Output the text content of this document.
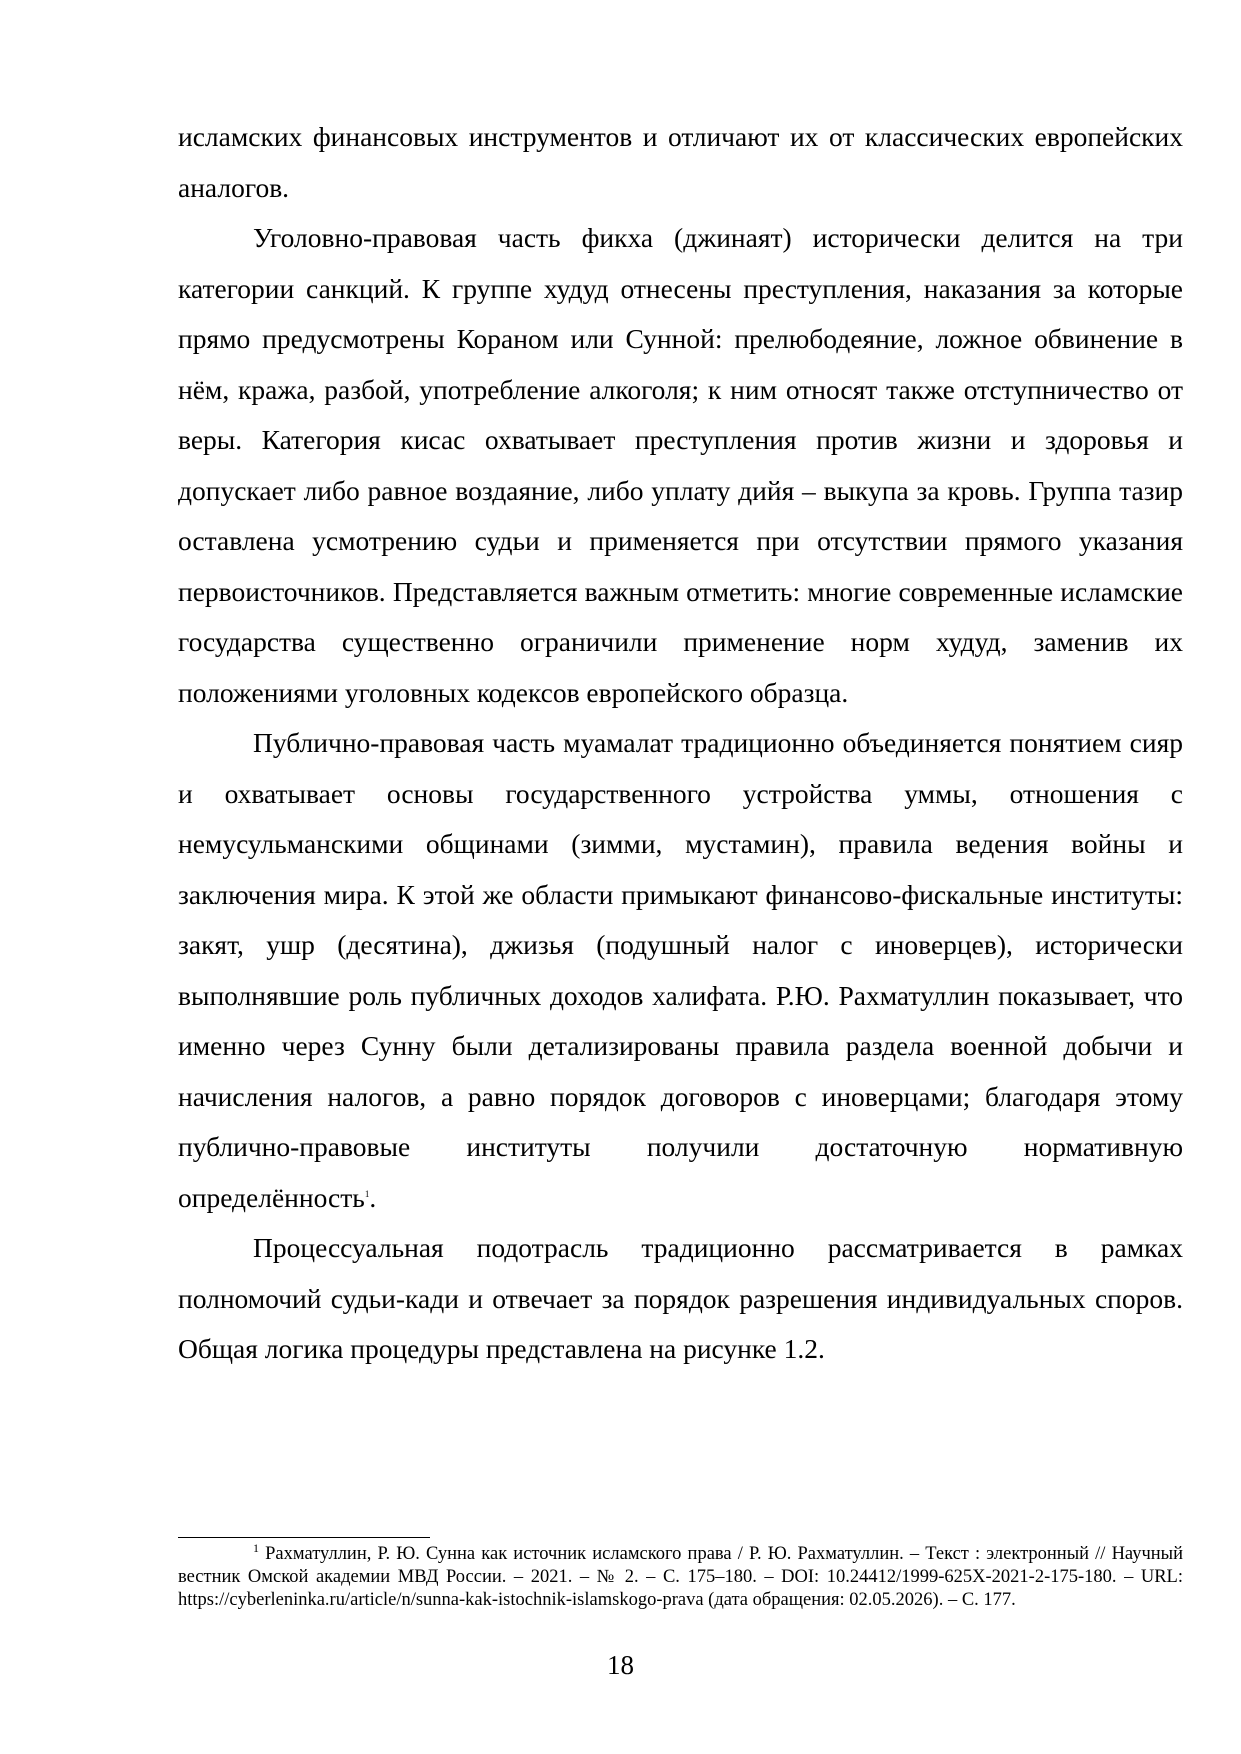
исламских финансовых инструментов и отличают их от классических европейских аналогов.

Уголовно-правовая часть фикха (джинаят) исторически делится на три категории санкций. К группе худуд отнесены преступления, наказания за которые прямо предусмотрены Кораном или Сунной: прелюбодеяние, ложное обвинение в нём, кража, разбой, употребление алкоголя; к ним относят также отступничество от веры. Категория кисас охватывает преступления против жизни и здоровья и допускает либо равное воздаяние, либо уплату дийя – выкупа за кровь. Группа тазир оставлена усмотрению судьи и применяется при отсутствии прямого указания первоисточников. Представляется важным отметить: многие современные исламские государства существенно ограничили применение норм худуд, заменив их положениями уголовных кодексов европейского образца.

Публично-правовая часть муамалат традиционно объединяется понятием сияр и охватывает основы государственного устройства уммы, отношения с немусульманскими общинами (зимми, мустамин), правила ведения войны и заключения мира. К этой же области примыкают финансово-фискальные институты: закят, ушр (десятина), джизья (подушный налог с иноверцев), исторически выполнявшие роль публичных доходов халифата. Р.Ю. Рахматуллин показывает, что именно через Сунну были детализированы правила раздела военной добычи и начисления налогов, а равно порядок договоров с иноверцами; благодаря этому публично-правовые институты получили достаточную нормативную определённость$^1$.

Процессуальная подотрасль традиционно рассматривается в рамках полномочий судьи-кади и отвечает за порядок разрешения индивидуальных споров. Общая логика процедуры представлена на рисунке 1.2.

$^1$ Рахматуллин, Р. Ю. Сунна как источник исламского права / Р. Ю. Рахматуллин. – Текст : электронный // Научный вестник Омской академии МВД России. – 2021. – № 2. – С. 175–180. – DOI: 10.24412/1999-625X-2021-2-175-180. – URL: https://cyberleninka.ru/article/n/sunna-kak-istochnik-islamskogo-prava (дата обращения: 02.05.2026). – С. 177.

18
